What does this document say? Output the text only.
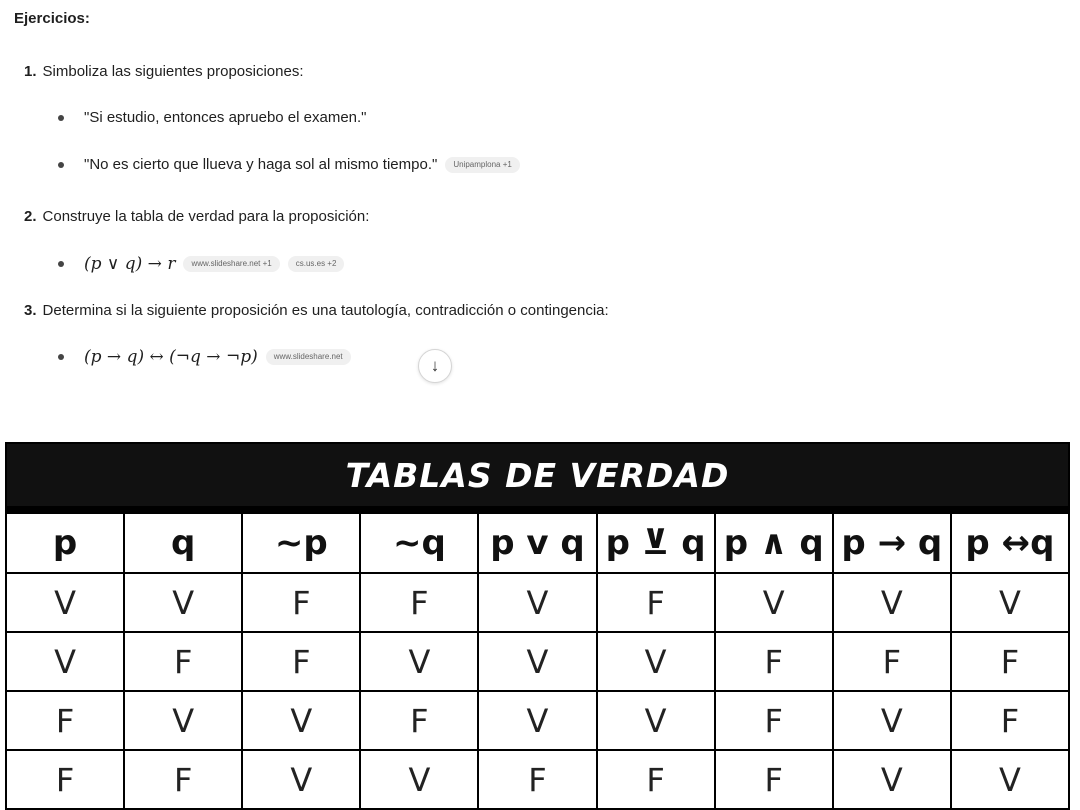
Ejercicios:
1. Simboliza las siguientes proposiciones:
"Si estudio, entonces apruebo el examen."
"No es cierto que llueva y haga sol al mismo tiempo."	Unipamplona +1
2. Construye la tabla de verdad para la proposición:
(p ∨ q) → r	www.slideshare.net +1	cs.us.es +2
3. Determina si la siguiente proposición es una tautología, contradicción o contingencia:
(p → q) ↔ (¬q → ¬p)	www.slideshare.net	↓
TABLAS DE VERDAD								
p	q	~p	~q	p v q	p ⊻ q	p ∧ q	p → q	p ↔q
V	V	F	F	V	F	V	V	V
V	F	F	V	V	V	F	F	F
F	V	V	F	V	V	F	V	F
F	F	V	V	F	F	F	V	V
